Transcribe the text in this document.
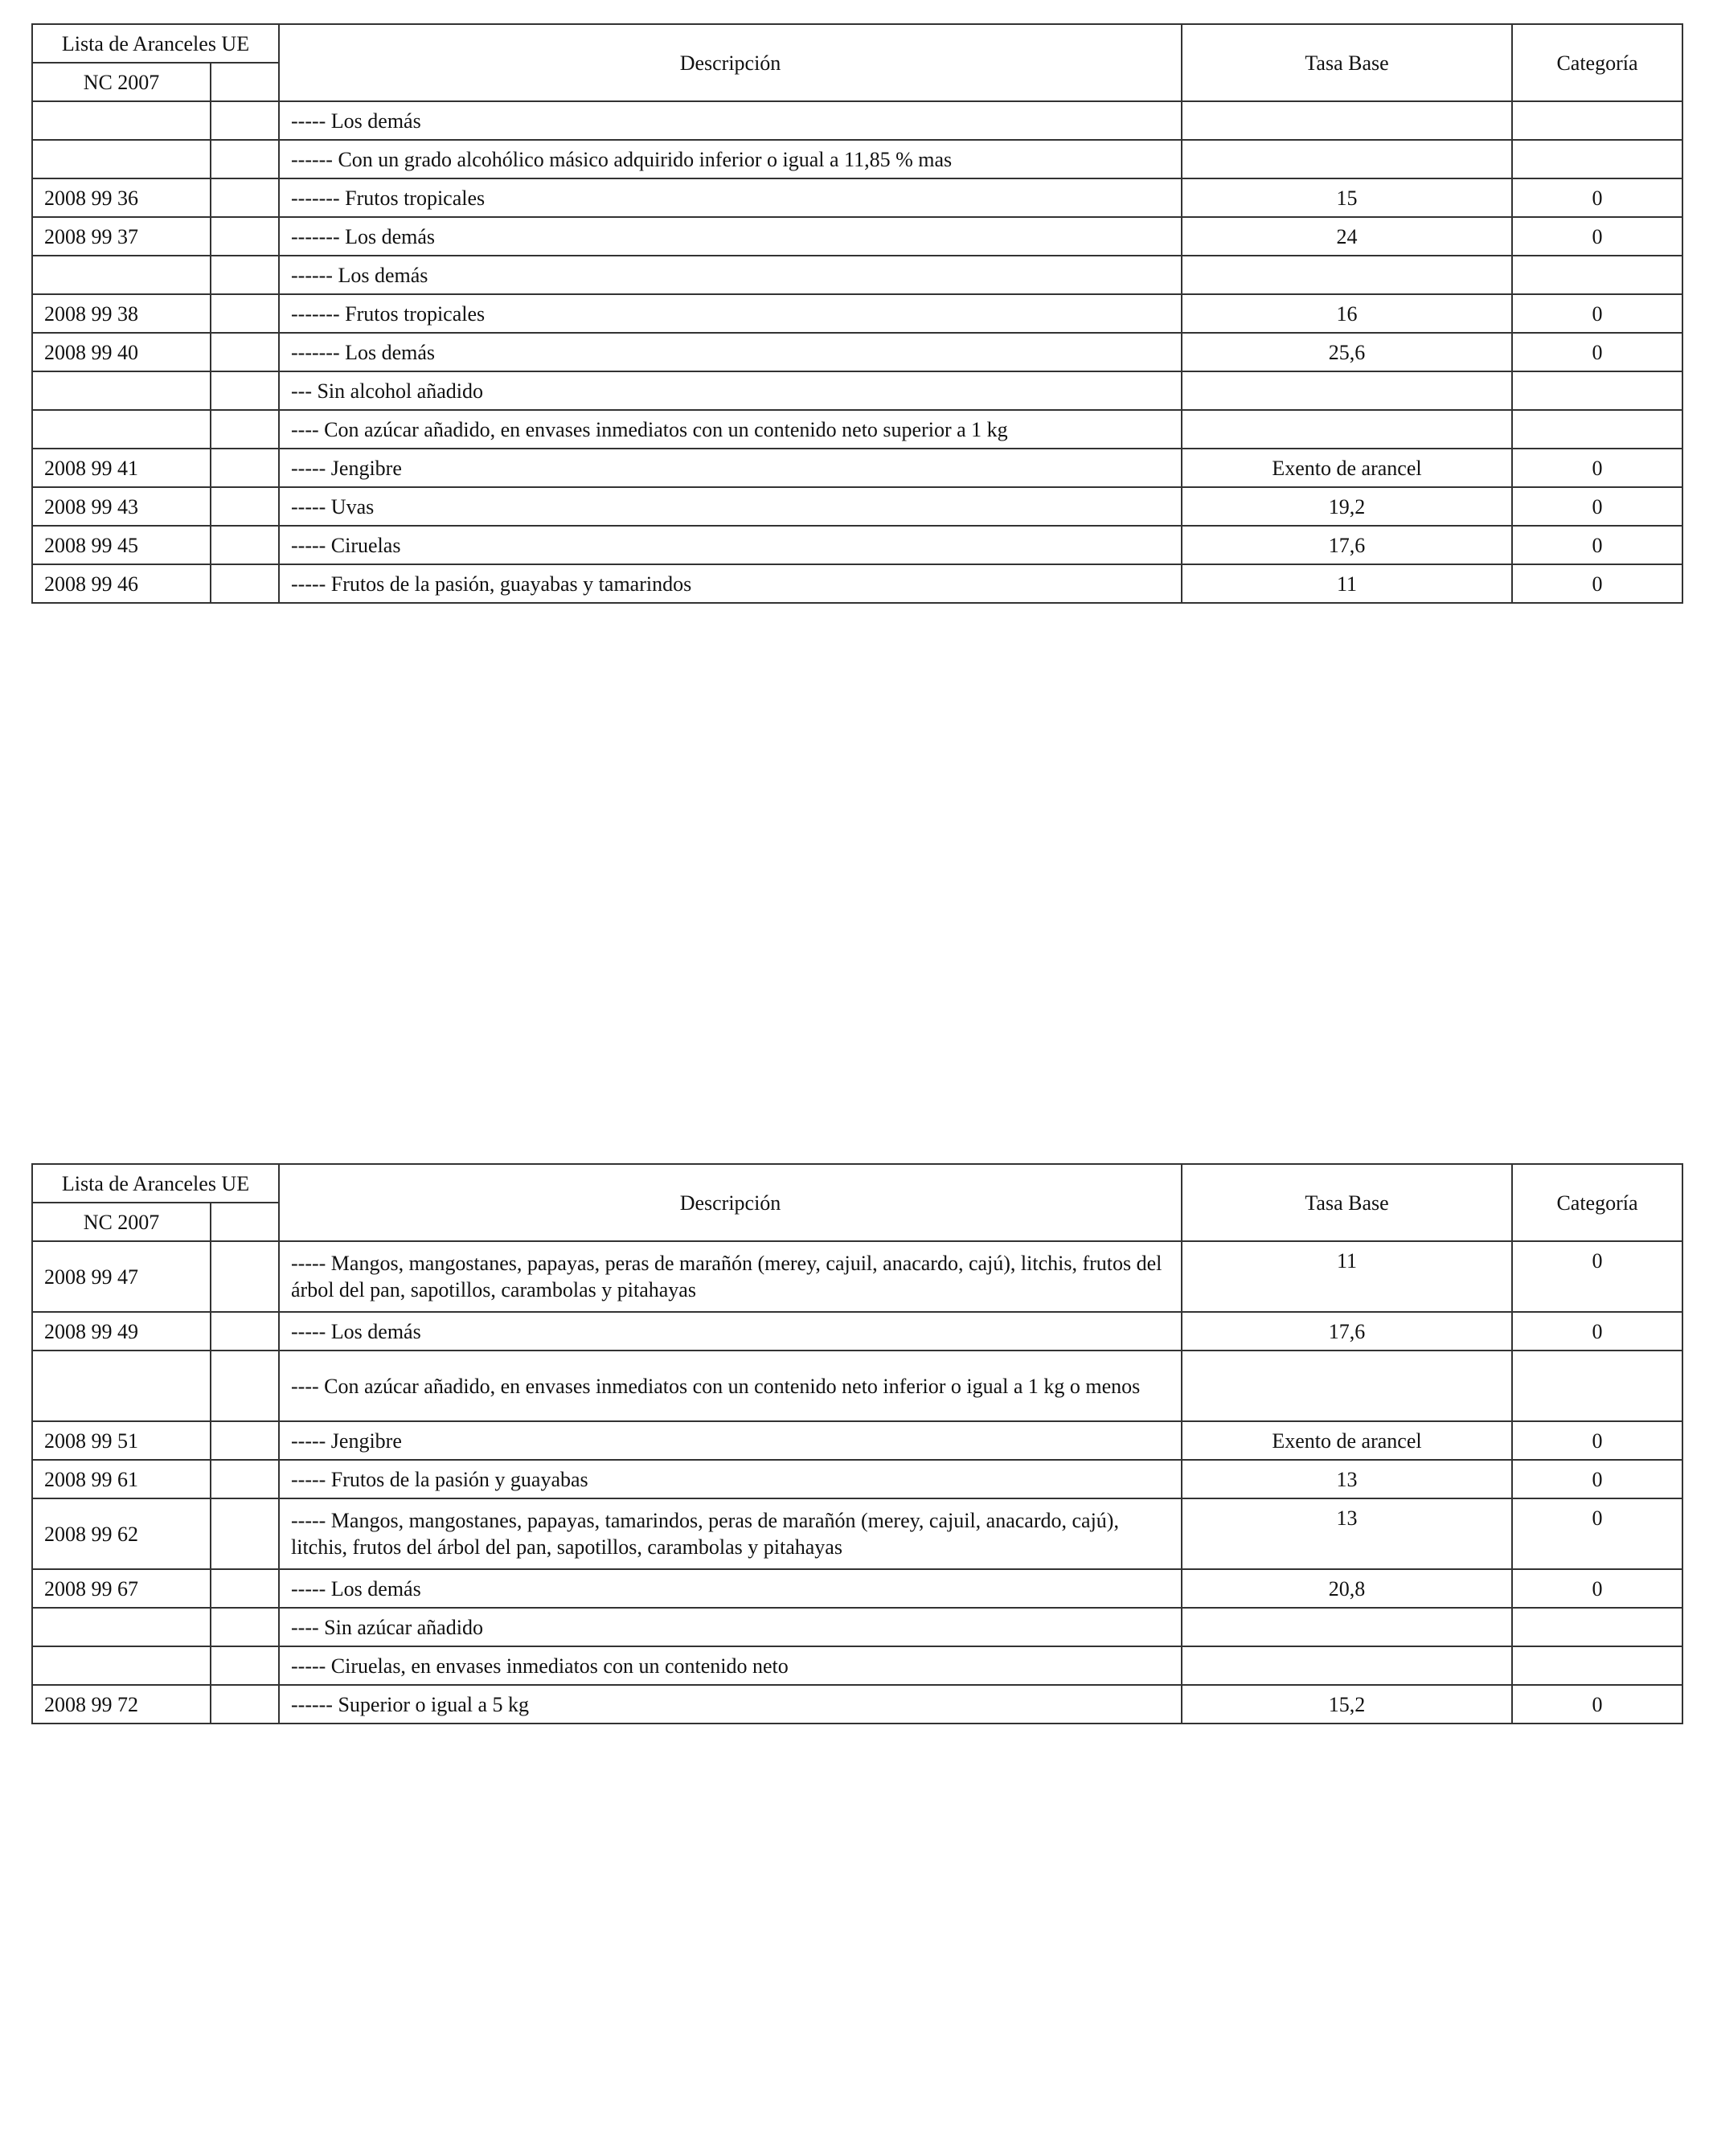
Lista de Aranceles UE		Descripción	Tasa Base	Categoría
NC 2007				
		----- Los demás		
		------ Con un grado alcohólico másico adquirido inferior o igual a 11,85 % mas		
2008 99 36		------- Frutos tropicales	15	0
2008 99 37		------- Los demás	24	0
		------ Los demás		
2008 99 38		------- Frutos tropicales	16	0
2008 99 40		------- Los demás	25,6	0
		--- Sin alcohol añadido		
		---- Con azúcar añadido, en envases inmediatos con un contenido neto superior a 1 kg		
2008 99 41		----- Jengibre	Exento de arancel	0
2008 99 43		----- Uvas	19,2	0
2008 99 45		----- Ciruelas	17,6	0
2008 99 46		----- Frutos de la pasión, guayabas y tamarindos	11	0
Lista de Aranceles UE		Descripción	Tasa Base	Categoría
NC 2007				
2008 99 47		----- Mangos, mangostanes, papayas, peras de marañón (merey, cajuil, anacardo, cajú), litchis, frutos del árbol del pan, sapotillos, carambolas y pitahayas	11	0
2008 99 49		----- Los demás	17,6	0
		---- Con azúcar añadido, en envases inmediatos con un contenido neto inferior o igual a 1 kg o menos		
2008 99 51		----- Jengibre	Exento de arancel	0
2008 99 61		----- Frutos de la pasión y guayabas	13	0
2008 99 62		----- Mangos, mangostanes, papayas, tamarindos, peras de marañón (merey, cajuil, anacardo, cajú), litchis, frutos del árbol del pan, sapotillos, carambolas y pitahayas	13	0
2008 99 67		----- Los demás	20,8	0
		---- Sin azúcar añadido		
		----- Ciruelas, en envases inmediatos con un contenido neto		
2008 99 72		------ Superior o igual a 5 kg	15,2	0
